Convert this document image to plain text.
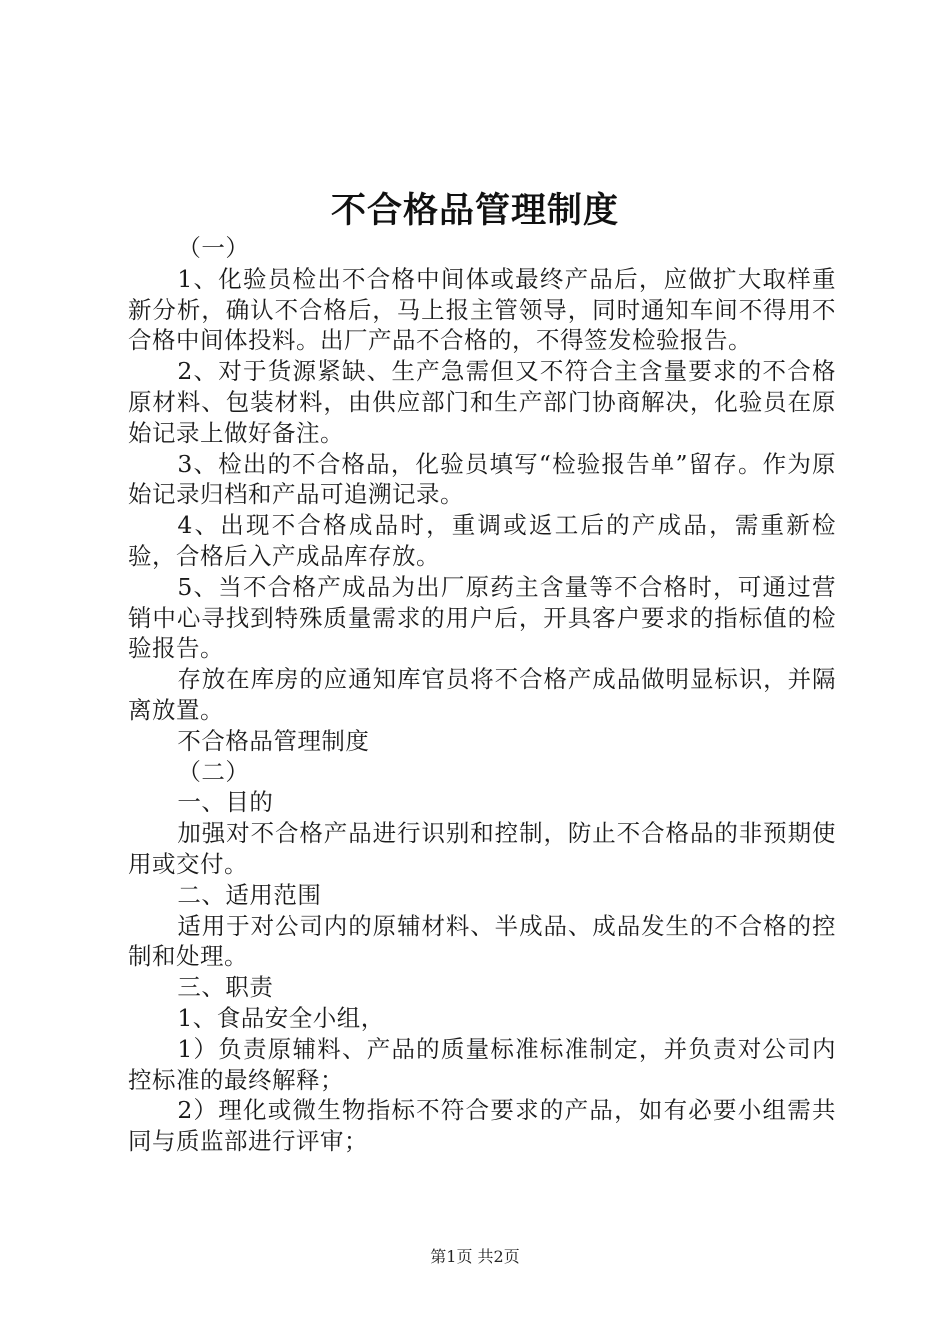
不合格品管理制度

（一）

1、化验员检出不合格中间体或最终产品后，应做扩大取样重新分析，确认不合格后，马上报主管领导，同时通知车间不得用不合格中间体投料。出厂产品不合格的，不得签发检验报告。

2、对于货源紧缺、生产急需但又不符合主含量要求的不合格原材料、包装材料，由供应部门和生产部门协商解决，化验员在原始记录上做好备注。

3、检出的不合格品，化验员填写“检验报告单”留存。作为原始记录归档和产品可追溯记录。

4、出现不合格成品时，重调或返工后的产成品，需重新检验，合格后入产成品库存放。

5、当不合格产成品为出厂原药主含量等不合格时，可通过营销中心寻找到特殊质量需求的用户后，开具客户要求的指标值的检验报告。

存放在库房的应通知库官员将不合格产成品做明显标识，并隔离放置。

不合格品管理制度

（二）

一、目的

加强对不合格产品进行识别和控制，防止不合格品的非预期使用或交付。

二、适用范围

适用于对公司内的原辅材料、半成品、成品发生的不合格的控制和处理。

三、职责

1、食品安全小组，

1）负责原辅料、产品的质量标准标准制定，并负责对公司内控标准的最终解释；

2）理化或微生物指标不符合要求的产品，如有必要小组需共同与质监部进行评审；

第1页 共2页
